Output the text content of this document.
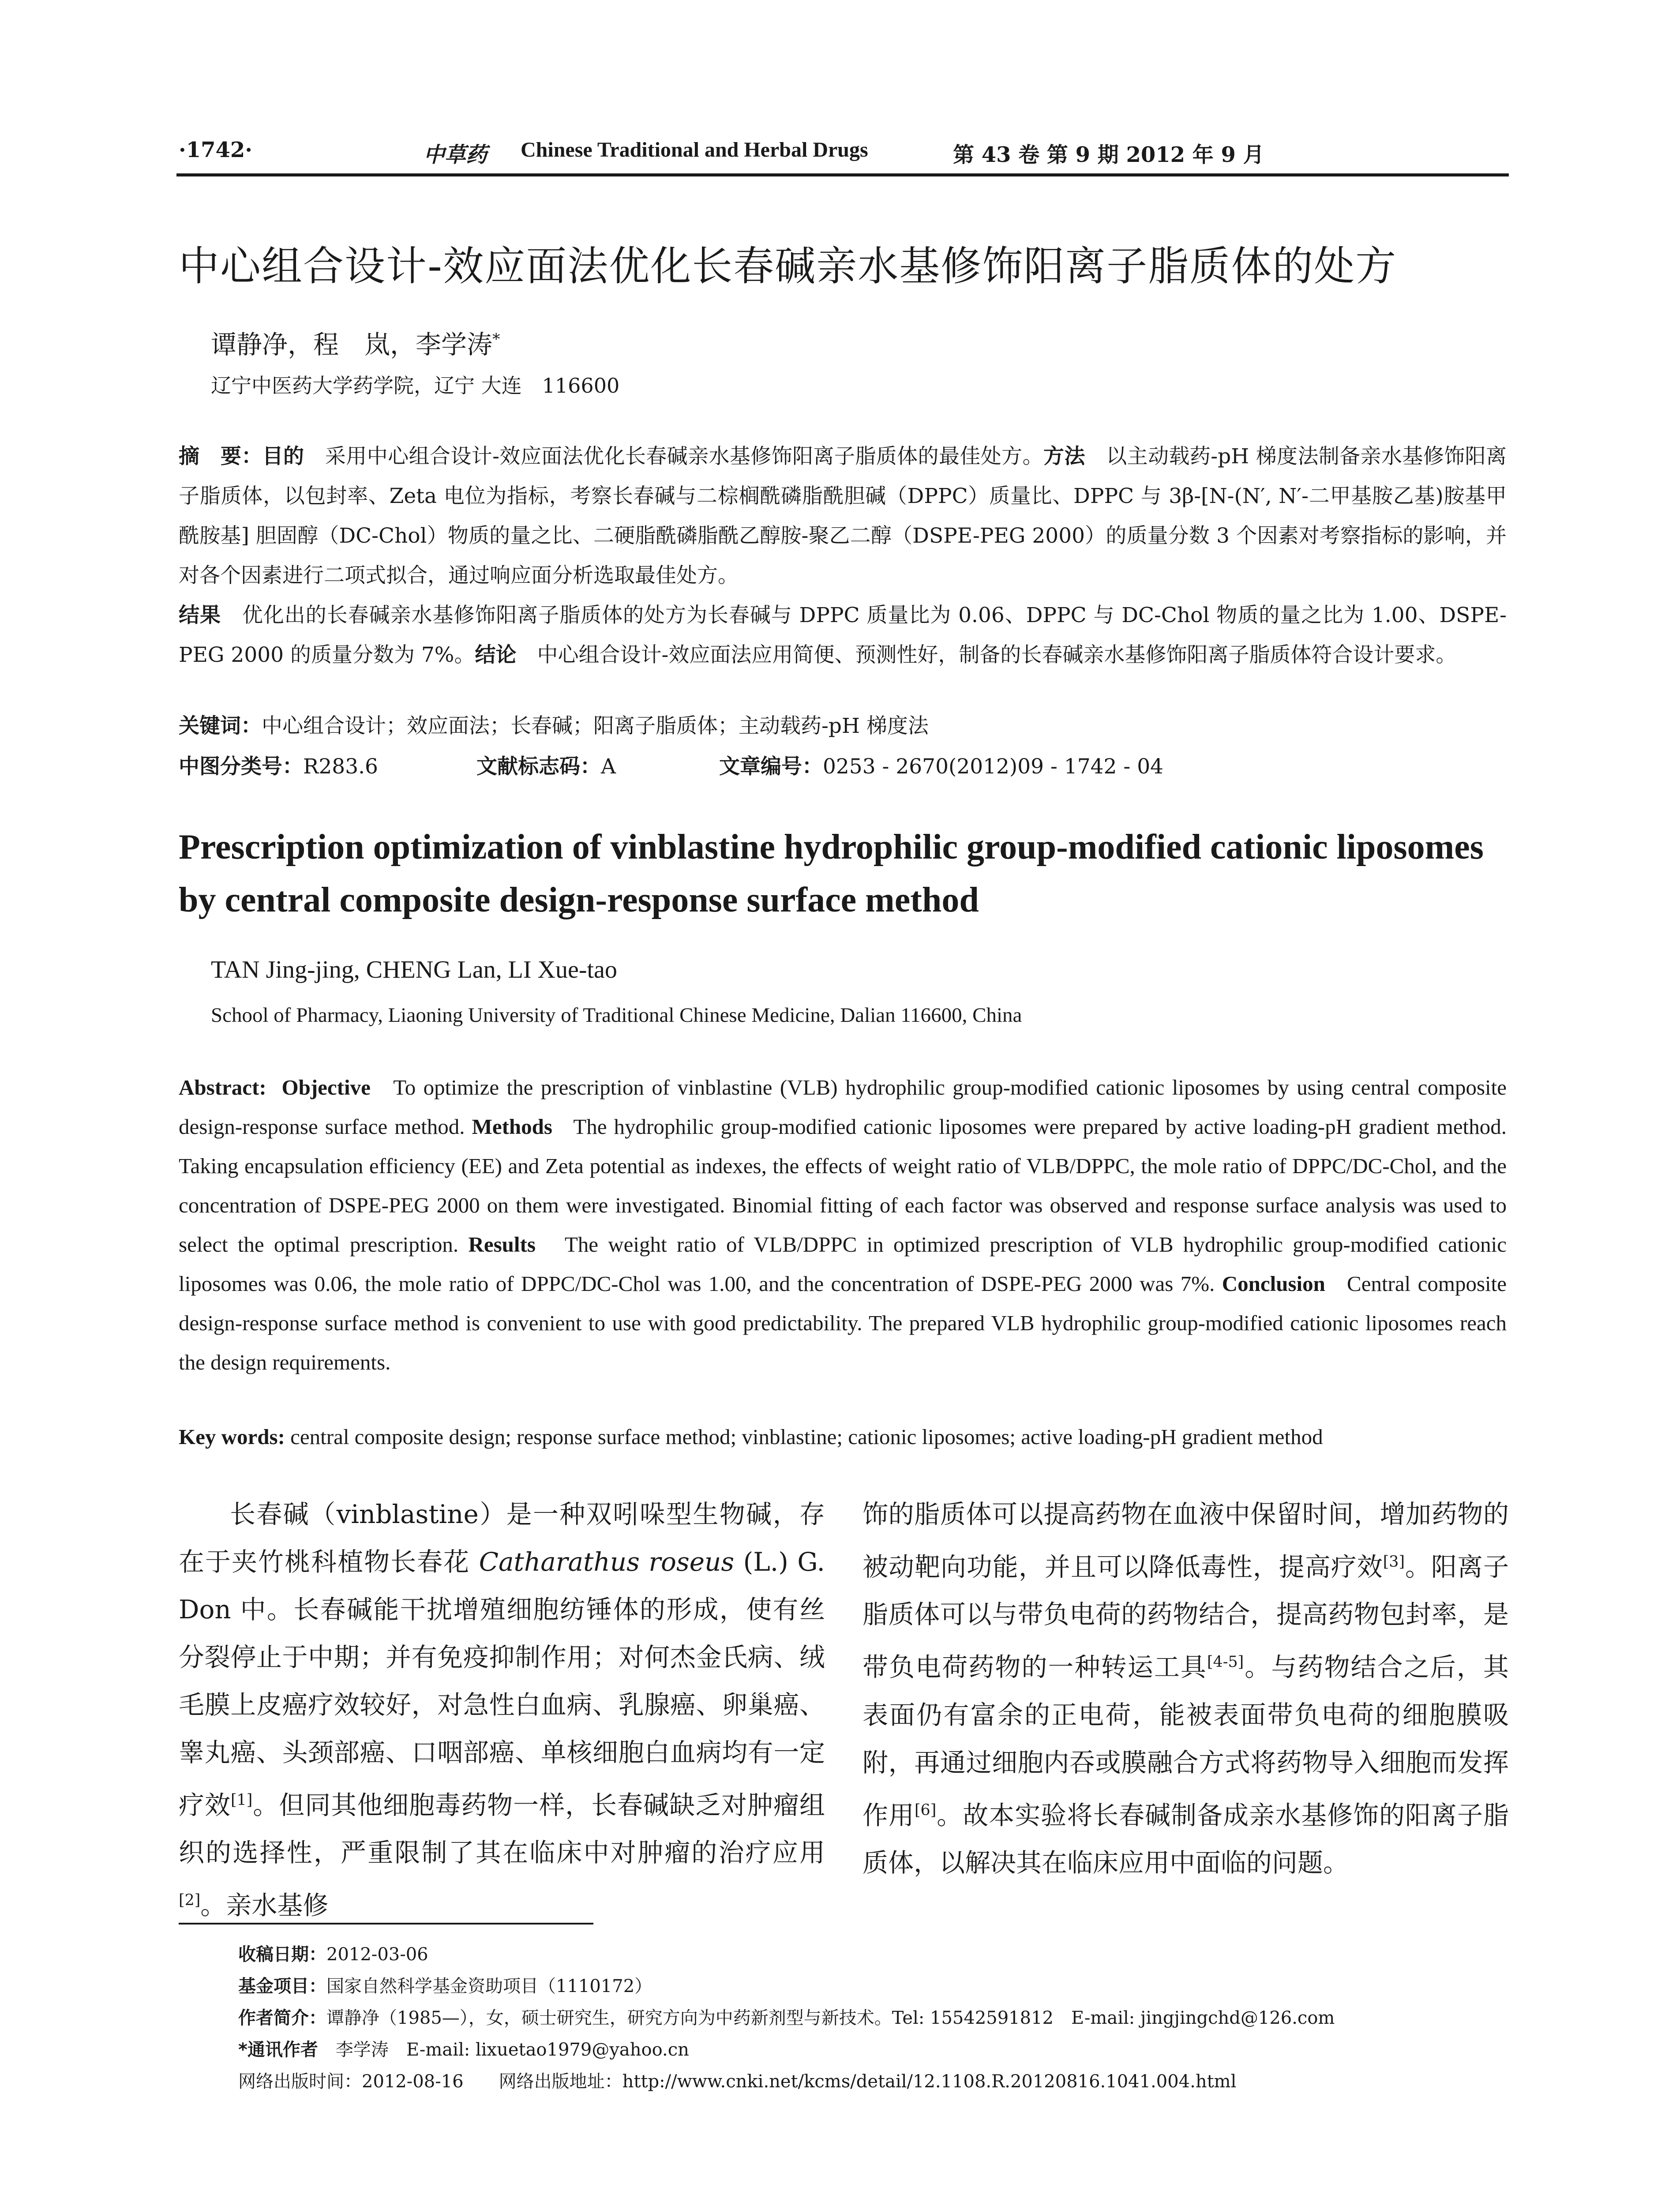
·1742·	中草药 Chinese Traditional and Herbal Drugs	第 43 卷 第 9 期 2012 年 9 月
中心组合设计-效应面法优化长春碱亲水基修饰阳离子脂质体的处方
谭静净，程　岚，李学涛*
辽宁中医药大学药学院，辽宁 大连　116600
摘　要：目的　 采用中心组合设计-效应面法优化长春碱亲水基修饰阳离子脂质体的最佳处方。方法　 以主动载药-pH 梯度法制备亲水基修饰阳离子脂质体，以包封率、Zeta 电位为指标，考察长春碱与二棕榈酰磷脂酰胆碱（DPPC）质量比、DPPC 与 3β-[N-(N′, N′-二甲基胺乙基)胺基甲酰胺基] 胆固醇（DC-Chol）物质的量之比、二硬脂酰磷脂酰乙醇胺-聚乙二醇（DSPE-PEG 2000）的质量分数 3 个因素对考察指标的影响，并对各个因素进行二项式拟合，通过响应面分析选取最佳处方。
结果　 优化出的长春碱亲水基修饰阳离子脂质体的处方为长春碱与 DPPC 质量比为 0.06、DPPC 与 DC-Chol 物质的量之比为 1.00、DSPE-PEG 2000 的质量分数为 7%。结论　 中心组合设计-效应面法应用简便、预测性好，制备的长春碱亲水基修饰阳离子脂质体符合设计要求。
关键词：中心组合设计；效应面法；长春碱；阳离子脂质体；主动载药-pH 梯度法
中图分类号：R283.6	文献标志码：A	文章编号：0253 - 2670(2012)09 - 1742 - 04
Prescription optimization of vinblastine hydrophilic group-modified cationic liposomes by central composite design-response surface method
TAN Jing-jing, CHENG Lan, LI Xue-tao
School of Pharmacy, Liaoning University of Traditional Chinese Medicine, Dalian 116600, China
Abstract: Objective To optimize the prescription of vinblastine (VLB) hydrophilic group-modified cationic liposomes by using central composite design-response surface method. Methods The hydrophilic group-modified cationic liposomes were prepared by active loading-pH gradient method. Taking encapsulation efficiency (EE) and Zeta potential as indexes, the effects of weight ratio of VLB/DPPC, the mole ratio of DPPC/DC-Chol, and the concentration of DSPE-PEG 2000 on them were investigated. Binomial fitting of each factor was observed and response surface analysis was used to select the optimal prescription. Results The weight ratio of VLB/DPPC in optimized prescription of VLB hydrophilic group-modified cationic liposomes was 0.06, the mole ratio of DPPC/DC-Chol was 1.00, and the concentration of DSPE-PEG 2000 was 7%. Conclusion Central composite design-response surface method is convenient to use with good predictability. The prepared VLB hydrophilic group-modified cationic liposomes reach the design requirements.
Key words: central composite design; response surface method; vinblastine; cationic liposomes; active loading-pH gradient method

长春碱（vinblastine）是一种双吲哚型生物碱，存在于夹竹桃科植物长春花 Catharathus roseus (L.) G. Don 中。长春碱能干扰增殖细胞纺锤体的形成，使有丝分裂停止于中期；并有免疫抑制作用；对何杰金氏病、绒毛膜上皮癌疗效较好，对急性白血病、乳腺癌、卵巢癌、睾丸癌、头颈部癌、口咽部癌、单核细胞白血病均有一定疗效[1]。但同其他细胞毒药物一样，长春碱缺乏对肿瘤组织的选择性，严重限制了其在临床中对肿瘤的治疗应用[2]。亲水基修

饰的脂质体可以提高药物在血液中保留时间，增加药物的被动靶向功能，并且可以降低毒性，提高疗效[3]。阳离子脂质体可以与带负电荷的药物结合，提高药物包封率，是带负电荷药物的一种转运工具[4-5]。与药物结合之后，其表面仍有富余的正电荷，能被表面带负电荷的细胞膜吸附，再通过细胞内吞或膜融合方式将药物导入细胞而发挥作用[6]。故本实验将长春碱制备成亲水基修饰的阳离子脂质体，以解决其在临床应用中面临的问题。

收稿日期：2012-03-06
基金项目：国家自然科学基金资助项目（1110172）
作者简介：谭静净（1985—），女，硕士研究生，研究方向为中药新剂型与新技术。Tel: 15542591812　E-mail: jingjingchd@126.com
*通讯作者　 李学涛　E-mail: lixuetao1979@yahoo.cn
网络出版时间：2012-08-16　　 网络出版地址：http://www.cnki.net/kcms/detail/12.1108.R.20120816.1041.004.html
